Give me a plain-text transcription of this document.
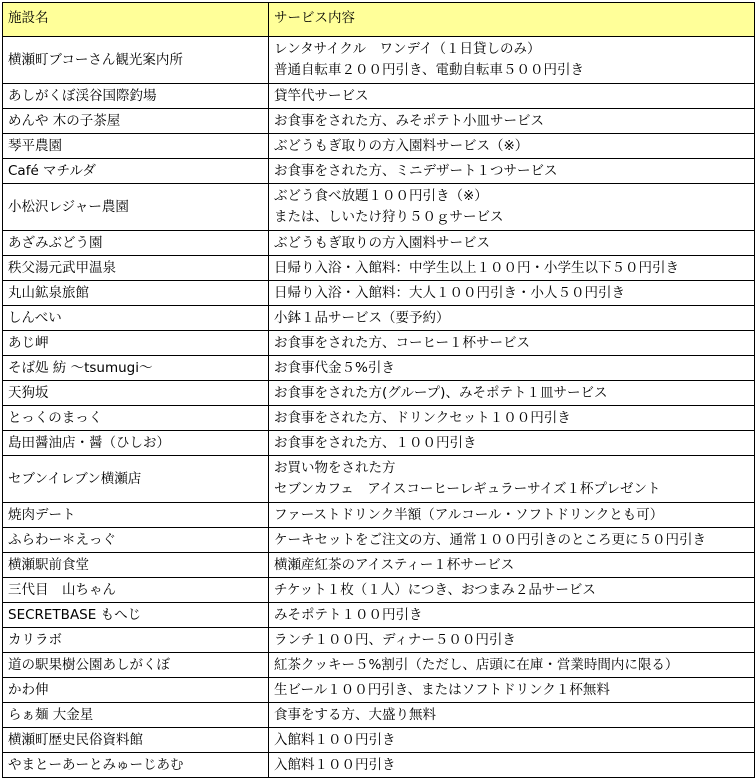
施設名	サービス内容
横瀬町ブコーさん観光案内所	レンタサイクル　ワンデイ（１日貸しのみ）
普通自転車２００円引き、電動自転車５００円引き

あしがくぼ渓谷国際釣場	貸竿代サービス

めんや 木の子茶屋	お食事をされた方、みそポテト小皿サービス

琴平農園	ぶどうもぎ取りの方入園料サービス（※）

Café マチルダ	お食事をされた方、ミニデザート１つサービス

小松沢レジャー農園	ぶどう食べ放題１００円引き（※）
または、しいたけ狩り５０ｇサービス

あざみぶどう園	ぶどうもぎ取りの方入園料サービス

秩父湯元武甲温泉	日帰り入浴・入館料：中学生以上１００円・小学生以下５０円引き

丸山鉱泉旅館	日帰り入浴・入館料：大人１００円引き・小人５０円引き

しんべい	小鉢１品サービス（要予約）

あじ岬	お食事をされた方、コーヒー１杯サービス

そば処 紡 ～tsumugi～	お食事代金５%引き

天狗坂	お食事をされた方(グループ)、みそポテト１皿サービス

とっくのまっく	お食事をされた方、ドリンクセット１００円引き

島田醤油店・醤（ひしお）	お食事をされた方、１００円引き

セブンイレブン横瀬店	お買い物をされた方
セブンカフェ　アイスコーヒーレギュラーサイズ１杯プレゼント

焼肉デート	ファーストドリンク半額（アルコール・ソフトドリンクとも可）

ふらわー＊えっぐ	ケーキセットをご注文の方、通常１００円引きのところ更に５０円引き

横瀬駅前食堂	横瀬産紅茶のアイスティー１杯サービス

三代目　山ちゃん	チケット１枚（１人）につき、おつまみ２品サービス

SECRETBASE もへじ	みそポテト１００円引き

カリラボ	ランチ１００円、ディナー５００円引き

道の駅果樹公園あしがくぼ	紅茶クッキー５%割引（ただし、店頭に在庫・営業時間内に限る）

かわ伸	生ビール１００円引き、またはソフトドリンク１杯無料

らぁ麺 大金星	食事をする方、大盛り無料

横瀬町歴史民俗資料館	入館料１００円引き

やまとーあーとみゅーじあむ	入館料１００円引き
